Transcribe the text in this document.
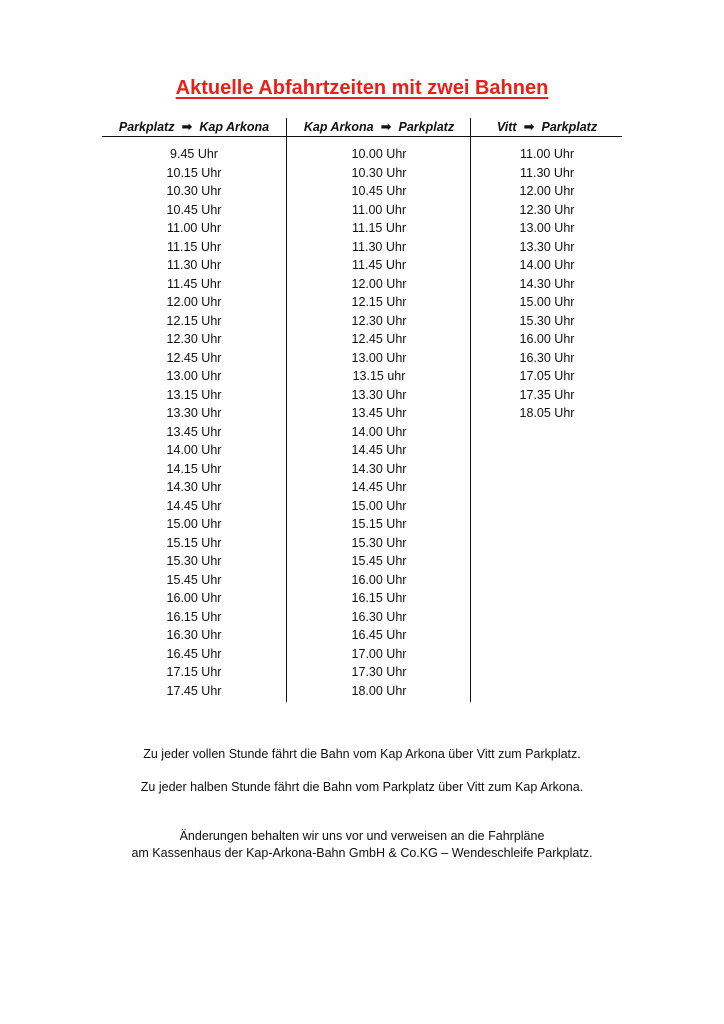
Aktuelle Abfahrtzeiten mit zwei Bahnen
Parkplatz ➡ Kap Arkona	Kap Arkona ➡ Parkplatz	Vitt ➡ Parkplatz
9.45 Uhr
10.15 Uhr
10.30 Uhr
10.45 Uhr
11.00 Uhr
11.15 Uhr
11.30 Uhr
11.45 Uhr
12.00 Uhr
12.15 Uhr
12.30 Uhr
12.45 Uhr
13.00 Uhr
13.15 Uhr
13.30 Uhr
13.45 Uhr
14.00 Uhr
14.15 Uhr
14.30 Uhr
14.45 Uhr
15.00 Uhr
15.15 Uhr
15.30 Uhr
15.45 Uhr
16.00 Uhr
16.15 Uhr
16.30 Uhr
16.45 Uhr
17.15 Uhr
17.45 Uhr
10.00 Uhr
10.30 Uhr
10.45 Uhr
11.00 Uhr
11.15 Uhr
11.30 Uhr
11.45 Uhr
12.00 Uhr
12.15 Uhr
12.30 Uhr
12.45 Uhr
13.00 Uhr
13.15 uhr
13.30 Uhr
13.45 Uhr
14.00 Uhr
14.45 Uhr
14.30 Uhr
14.45 Uhr
15.00 Uhr
15.15 Uhr
15.30 Uhr
15.45 Uhr
16.00 Uhr
16.15 Uhr
16.30 Uhr
16.45 Uhr
17.00 Uhr
17.30 Uhr
18.00 Uhr
11.00 Uhr
11.30 Uhr
12.00 Uhr
12.30 Uhr
13.00 Uhr
13.30 Uhr
14.00 Uhr
14.30 Uhr
15.00 Uhr
15.30 Uhr
16.00 Uhr
16.30 Uhr
17.05 Uhr
17.35 Uhr
18.05 Uhr
Zu jeder vollen Stunde fährt die Bahn vom Kap Arkona über Vitt zum Parkplatz.
Zu jeder halben Stunde fährt die Bahn vom Parkplatz über Vitt zum Kap Arkona.
Änderungen behalten wir uns vor und verweisen an die Fahrpläne
am Kassenhaus der Kap-Arkona-Bahn GmbH & Co.KG – Wendeschleife Parkplatz.
